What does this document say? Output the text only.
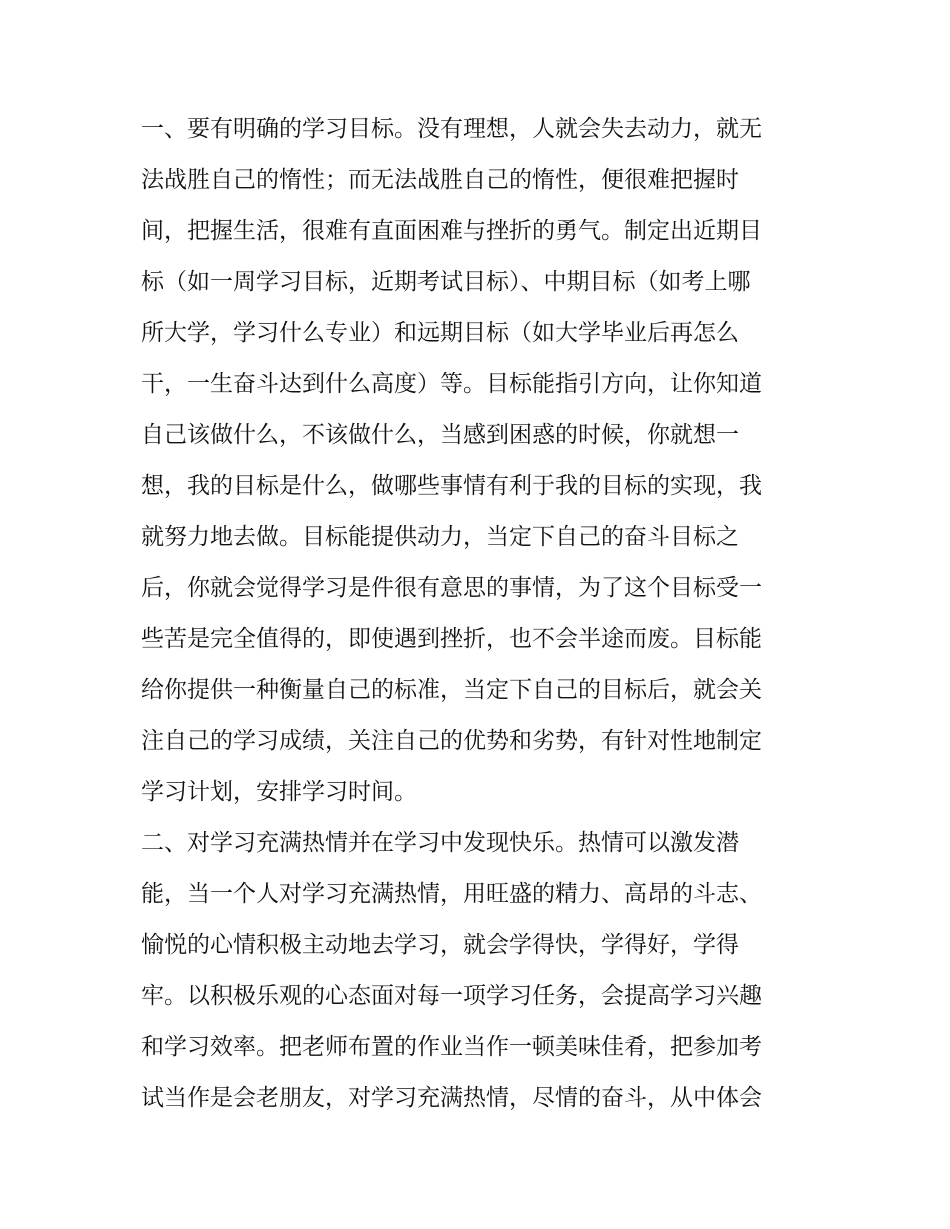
一、要有明确的学习目标。没有理想，人就会失去动力，就无
法战胜自己的惰性；而无法战胜自己的惰性，便很难把握时
间，把握生活，很难有直面困难与挫折的勇气。制定出近期目
标（如一周学习目标，近期考试目标）、中期目标（如考上哪
所大学，学习什么专业）和远期目标（如大学毕业后再怎么
干，一生奋斗达到什么高度）等。目标能指引方向，让你知道
自己该做什么，不该做什么，当感到困惑的时候，你就想一
想，我的目标是什么，做哪些事情有利于我的目标的实现，我
就努力地去做。目标能提供动力，当定下自己的奋斗目标之
后，你就会觉得学习是件很有意思的事情，为了这个目标受一
些苦是完全值得的，即使遇到挫折，也不会半途而废。目标能
给你提供一种衡量自己的标准，当定下自己的目标后，就会关
注自己的学习成绩，关注自己的优势和劣势，有针对性地制定
学习计划，安排学习时间。
二、对学习充满热情并在学习中发现快乐。热情可以激发潜
能，当一个人对学习充满热情，用旺盛的精力、高昂的斗志、
愉悦的心情积极主动地去学习，就会学得快，学得好，学得
牢。以积极乐观的心态面对每一项学习任务，会提高学习兴趣
和学习效率。把老师布置的作业当作一顿美味佳肴，把参加考
试当作是会老朋友，对学习充满热情，尽情的奋斗，从中体会
